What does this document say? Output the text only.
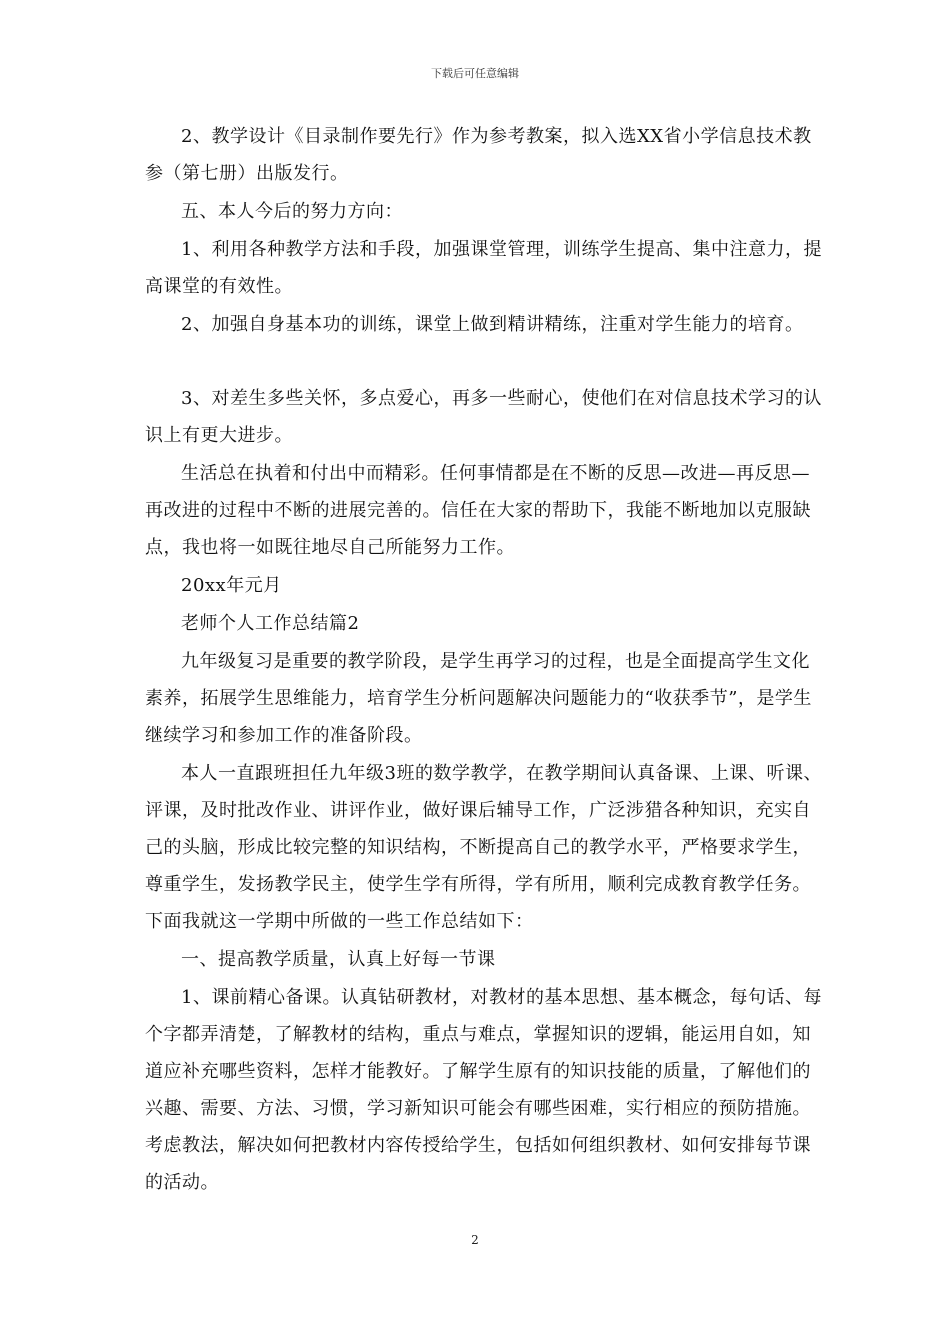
下载后可任意编辑

2、教学设计《目录制作要先行》作为参考教案，拟入选XX省小学信息技术教参（第七册）出版发行。

五、本人今后的努力方向：

1、利用各种教学方法和手段，加强课堂管理，训练学生提高、集中注意力，提高课堂的有效性。

2、加强自身基本功的训练，课堂上做到精讲精练，注重对学生能力的培育。

3、对差生多些关怀，多点爱心，再多一些耐心，使他们在对信息技术学习的认识上有更大进步。

生活总在执着和付出中而精彩。任何事情都是在不断的反思—改进—再反思—再改进的过程中不断的进展完善的。信任在大家的帮助下，我能不断地加以克服缺点，我也将一如既往地尽自己所能努力工作。

20xx年元月

老师个人工作总结篇2

九年级复习是重要的教学阶段，是学生再学习的过程，也是全面提高学生文化素养，拓展学生思维能力，培育学生分析问题解决问题能力的“收获季节”，是学生继续学习和参加工作的准备阶段。

本人一直跟班担任九年级3班的数学教学，在教学期间认真备课、上课、听课、评课，及时批改作业、讲评作业，做好课后辅导工作，广泛涉猎各种知识，充实自己的头脑，形成比较完整的知识结构，不断提高自己的教学水平，严格要求学生，尊重学生，发扬教学民主，使学生学有所得，学有所用，顺利完成教育教学任务。下面我就这一学期中所做的一些工作总结如下：

一、提高教学质量，认真上好每一节课

1、课前精心备课。认真钻研教材，对教材的基本思想、基本概念，每句话、每个字都弄清楚，了解教材的结构，重点与难点，掌握知识的逻辑，能运用自如，知道应补充哪些资料，怎样才能教好。了解学生原有的知识技能的质量，了解他们的兴趣、需要、方法、习惯，学习新知识可能会有哪些困难，实行相应的预防措施。考虑教法，解决如何把教材内容传授给学生，包括如何组织教材、如何安排每节课的活动。

2
